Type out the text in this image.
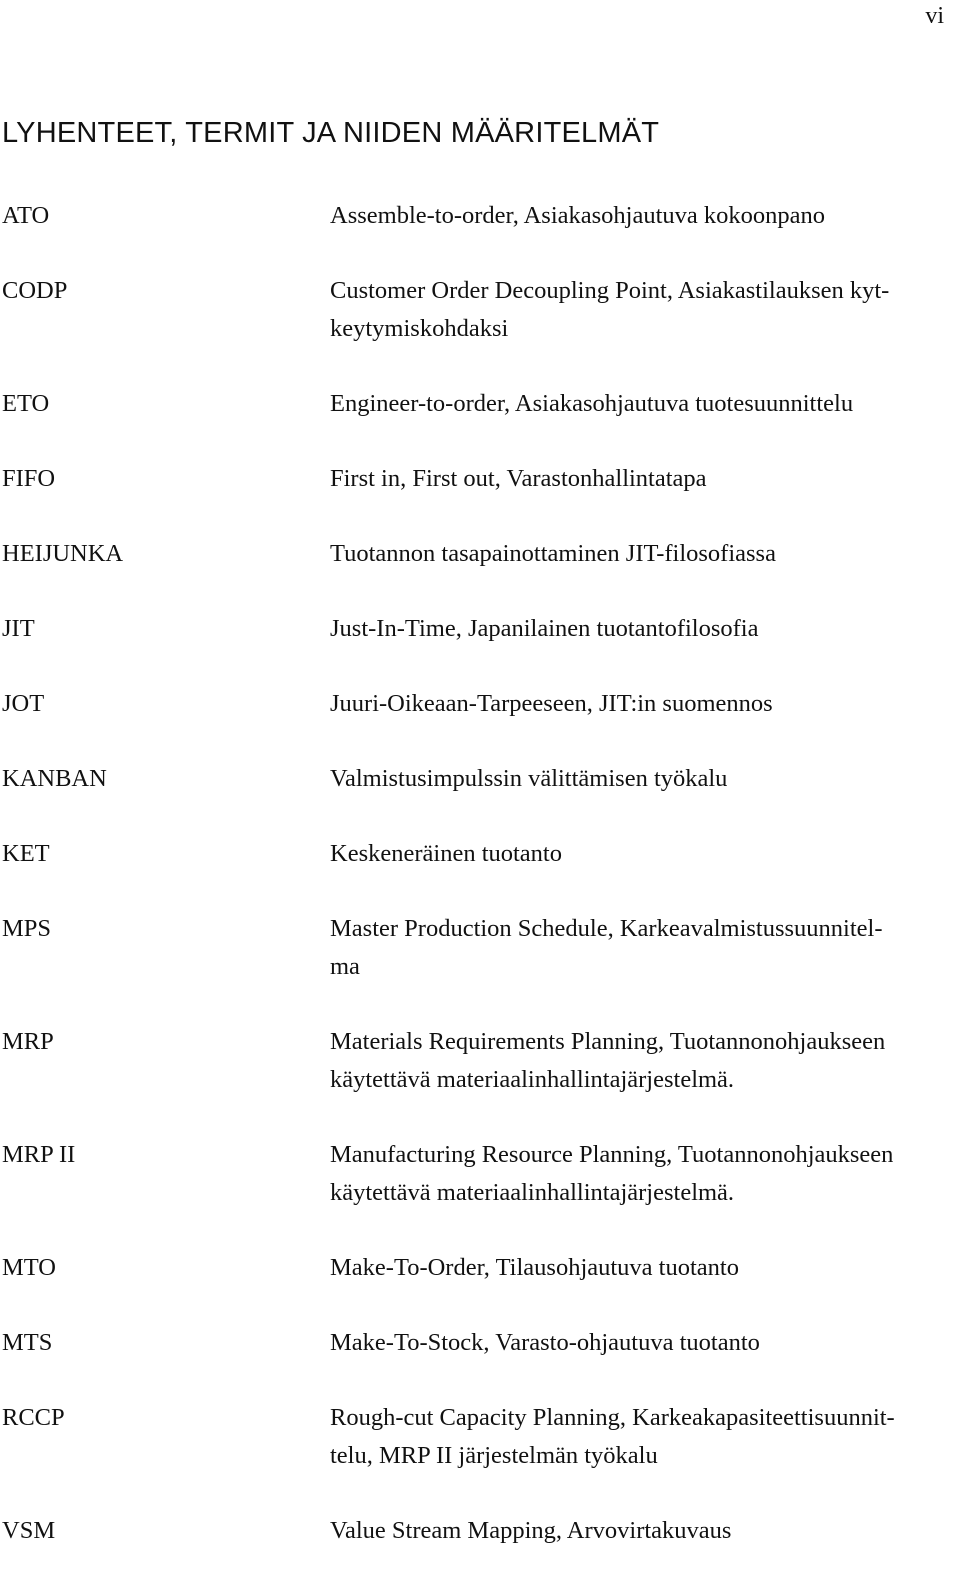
vi
LYHENTEET, TERMIT JA NIIDEN MÄÄRITELMÄT
ATO	Assemble-to-order, Asiakasohjautuva kokoonpano
CODP	Customer Order Decoupling Point, Asiakastilauksen kyt-
keytymiskohdaksi
ETO	Engineer-to-order, Asiakasohjautuva tuotesuunnittelu
FIFO	First in, First out, Varastonhallintatapa
HEIJUNKA	Tuotannon tasapainottaminen JIT-filosofiassa
JIT	Just-In-Time, Japanilainen tuotantofilosofia
JOT	Juuri-Oikeaan-Tarpeeseen, JIT:in suomennos
KANBAN	Valmistusimpulssin välittämisen työkalu
KET	Keskeneräinen tuotanto
MPS	Master Production Schedule, Karkeavalmistussuunnitel-
ma
MRP	Materials Requirements Planning, Tuotannonohjaukseen
käytettävä materiaalinhallintajärjestelmä.
MRP II	Manufacturing Resource Planning, Tuotannonohjaukseen
käytettävä materiaalinhallintajärjestelmä.
MTO	Make-To-Order, Tilausohjautuva tuotanto
MTS	Make-To-Stock, Varasto-ohjautuva tuotanto
RCCP	Rough-cut Capacity Planning, Karkeakapasiteettisuunnit-
telu, MRP II järjestelmän työkalu
VSM	Value Stream Mapping, Arvovirtakuvaus
